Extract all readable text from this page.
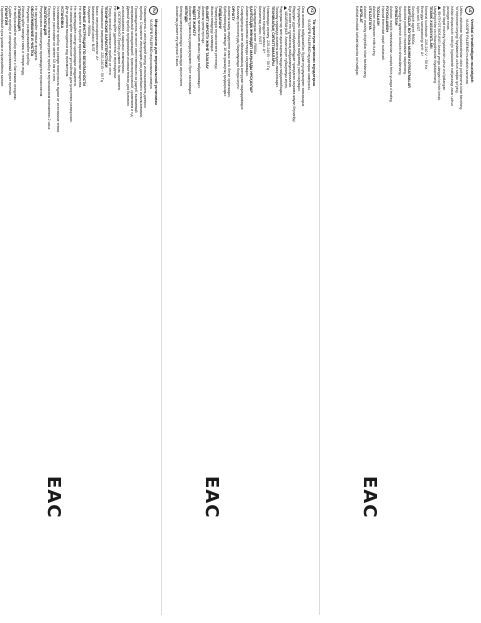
RU
Морозильник для вертикальной установки
VL003PB PALERMO морозильная камера
Ознакомьтесь с инструкцией перед использованием данного
прибора. Сохраните инструкцию для дальнейшего использования.
Производитель не несет ответственности за ущерб, вызванный
неправильной эксплуатацией, транспортировкой, хранением и т.д.
Данный прибор предназначен исключительно для бытового
использования в закрытых помещениях.
!ОСТОРОЖНО! Прибор должен быть заземлен.
Не используйте удлинители и переходники.
Перед чисткой отключите прибор от сети.
ТЕХНИЧЕСКИЕ ХАРАКТЕРИСТИКИ
Номинальное напряжение: 220-240 В ~ 50 Гц
Класс энергоэффективности: A+
Климатический класс: N/ST
Хладагент: R600a
ВАЖНЫЕ ИНСТРУКЦИИ ПО БЕЗОПАСНОСТИ
Не храните в приборе взрывоопасные вещества.
Не повреждайте контур циркуляции хладагента.
Не используйте механические устройства для ускорения разморозки.
Дети должны находиться под присмотром.
УСТАНОВКА
Устанавливайте прибор на ровную поверхность вдали от источников тепла.
Оставьте расстояние не менее 10 см от стен.
Перед включением выдержите прибор в вертикальном положении 2 часа.
ЭКСПЛУАТАЦИЯ
Регулировка температуры производится термостатом.
Не загружайте теплые продукты.
ОБСЛУЖИВАНИЕ И ЧИСТКА
Регулярно размораживайте прибор.
Используйте мягкую ткань и теплую воду.
УТИЛИЗАЦИЯ
Не выбрасывайте прибор вместе с бытовыми отходами.
Сдайте прибор в специализированный пункт приема.
ГАРАНТИЯ
Гарантийный срок указан в гарантийном талоне.
EAC
KZ
Тік орнатуға арналған мұздатқыш
VL003PB PALERMO мұздатқыш камерасы
Осы аспапты пайдаланбас бұрын нұсқаулықпен танысыңыз.
Нұсқаулықты болашақта пайдалану үшін сақтаңыз.
Өндіруші дұрыс пайдаланбаудан туындаған зақымға жауап бермейді.
Бұл аспап тек тұрмыстық пайдалануға арналған.
!АБАЙЛАҢЫЗ! Аспап жерге тұйықталуы керек.
Ұзартқыштар мен ауыстырғыштарды пайдаланбаңыз.
Тазалау алдында аспапты желіден ажыратыңыз.
ТЕХНИКАЛЫҚ СИПАТТАМАЛАРЫ
Номиналды кернеу: 220-240 В ~ 50 Гц
Энергия тиімділігі класы: A+
Климаттық класс: N/ST
Салқындатқыш агент: R600a
ҚАУІПСІЗДІК ЖӨНІНДЕГІ МАҢЫЗДЫ НҰСҚАУЛАР
Аспапта жарылғыш заттарды сақтамаңыз.
Салқындатқыш агент айналымының контурын зақымдамаңыз.
Балалар ересектердің бақылауында болуы керек.
ОРНАТУ
Аспапты жылу көздерінен алыс тегіс бетке орнатыңыз.
Қабырғалардан кемінде 10 см қашықтық қалдырыңыз.
ПАЙДАЛАНУ
Температура термостатпен реттеледі.
Жылы өнімдерді салмаңыз.
ҚЫЗМЕТ КӨРСЕТУ ЖӘНЕ ТАЗАЛАУ
Аспапты үнемі ерітіңіз.
Жұмсақ матаны және жылы суды пайдаланыңыз.
КӘДЕГЕ ЖАРАТУ
Аспапты тұрмыстық қалдықтармен бірге тастамаңыз.
КЕПІЛДІК
Кепілдік мерзімі кепілдік талонында көрсетілген.
Аспаптың қызмет ету мерзімі 5 жыл.
EAC
UZ
Vertikal o'rnatiladigan muzlatgich
VL003PB PALERMO muzlatish kamerasi
Ushbu asbobdan foydalanishdan oldin yo'riqnoma bilan tanishing.
Yo'riqnomani keyingi foydalanish uchun saqlab qo'ying.
Ishlab chiqaruvchi noto'g'ri foydalanish natijasidagi zarar uchun
javobgar emas.
Asbob faqat maishiy foydalanish uchun mo'ljallangan.
!EHTIYOT BO'LING! Asbob yerga ulangan bo'lishi kerak.
Uzaytirgichlar va o'tkazgichlardan foydalanmang.
TEXNIK XUSUSIYATLARI
Nominal kuchlanish: 220-240 V ~ 50 Hz
Energiya samaradorligi sinfi: A+
Iqlim sinfi: N/ST
Sovutgich agent: R600a
XAVFSIZLIK BO'YICHA MUHIM KO'RSATMALAR
Asbobda portlovchi moddalarni saqlamang.
Sovutgich aylanish konturini shikastlamang.
O'RNATISH
Asbobni issiqlik manbalaridan uzoqda tekis yuzaga o'rnating.
FOYDALANISH
Harorat termostat orqali sozlanadi.
TOZALASH
Asbobni muntazam eritib turing.
UTILIZATSIYA
Asbobni maishiy chiqindilar bilan tashlamang.
KAFOLAT
Kafolat muddati kafolat talonida ko'rsatilgan.
EAC
